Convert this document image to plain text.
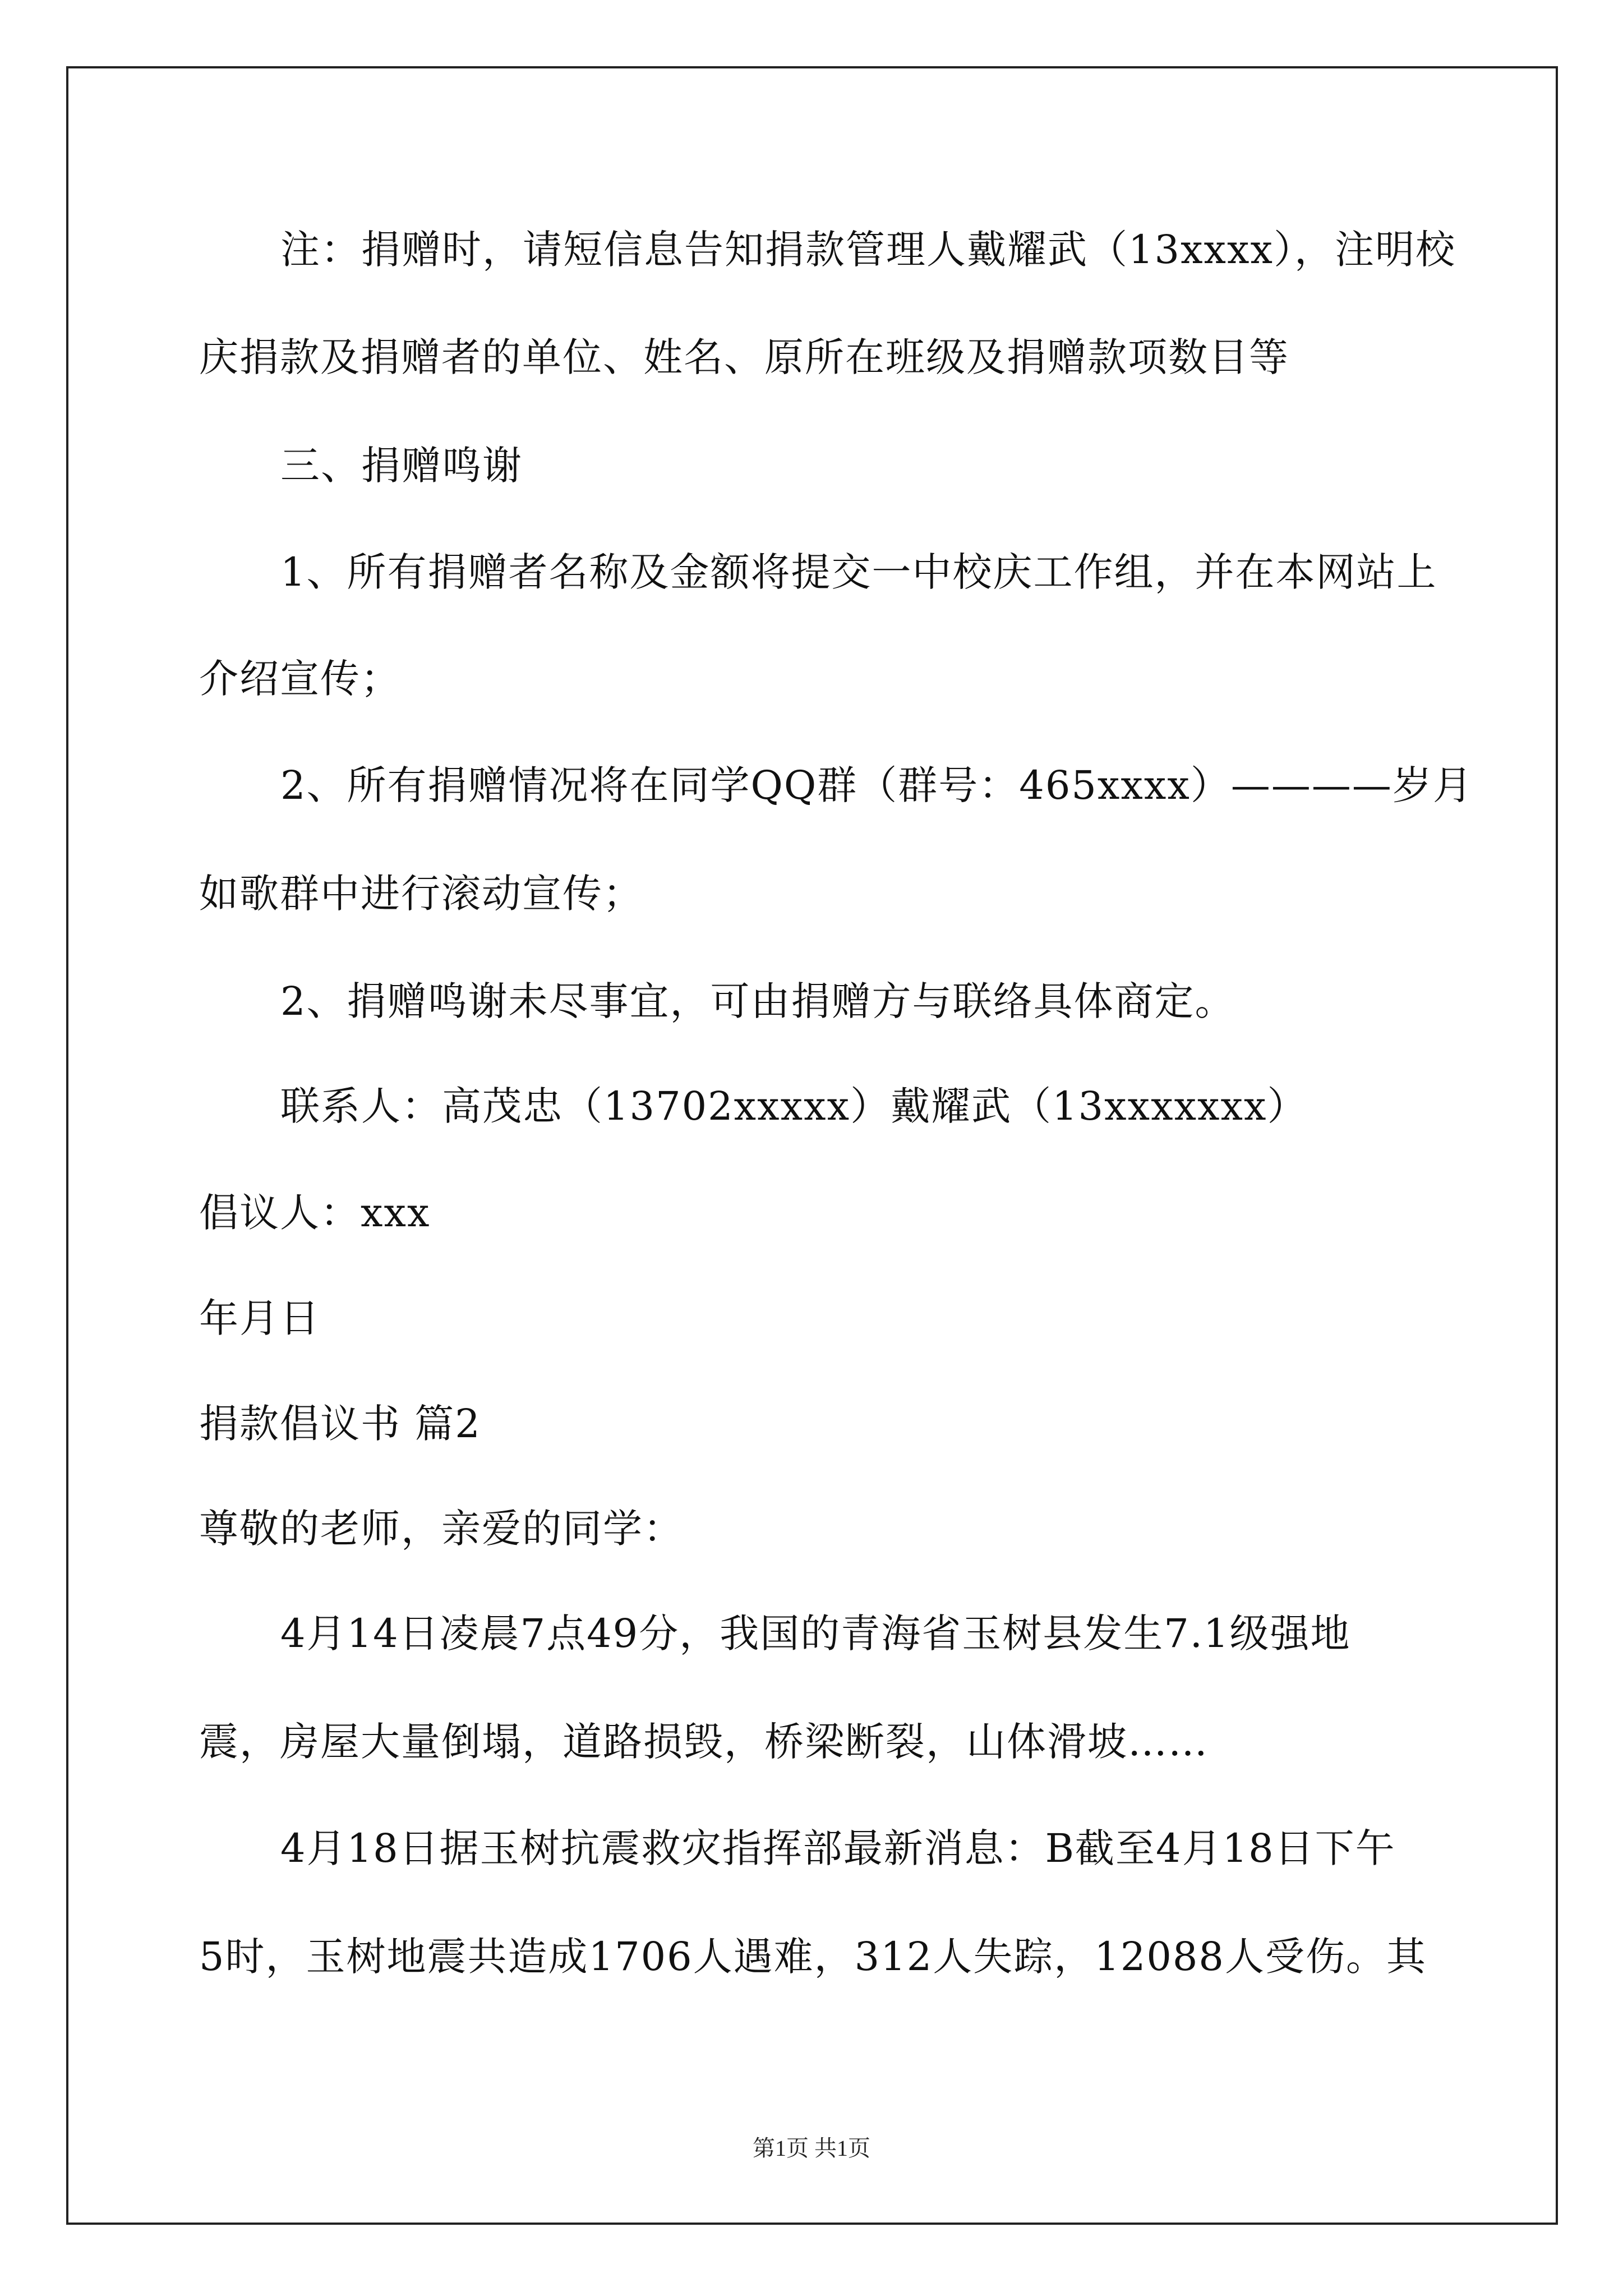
注：捐赠时，请短信息告知捐款管理人戴耀武（13xxxx），注明校
庆捐款及捐赠者的单位、姓名、原所在班级及捐赠款项数目等
三、捐赠鸣谢
1、所有捐赠者名称及金额将提交一中校庆工作组，并在本网站上
介绍宣传；
2、所有捐赠情况将在同学QQ群（群号：465xxxx）————岁月
如歌群中进行滚动宣传；
2、捐赠鸣谢未尽事宜，可由捐赠方与联络具体商定。
联系人：高茂忠（13702xxxxx）戴耀武（13xxxxxxx）
倡议人：xxx
年月日
捐款倡议书 篇2
尊敬的老师，亲爱的同学：
4月14日凌晨7点49分，我国的青海省玉树县发生7.1级强地
震，房屋大量倒塌，道路损毁，桥梁断裂，山体滑坡……
4月18日据玉树抗震救灾指挥部最新消息：B截至4月18日下午
5时，玉树地震共造成1706人遇难，312人失踪，12088人受伤。其
第1页 共1页
